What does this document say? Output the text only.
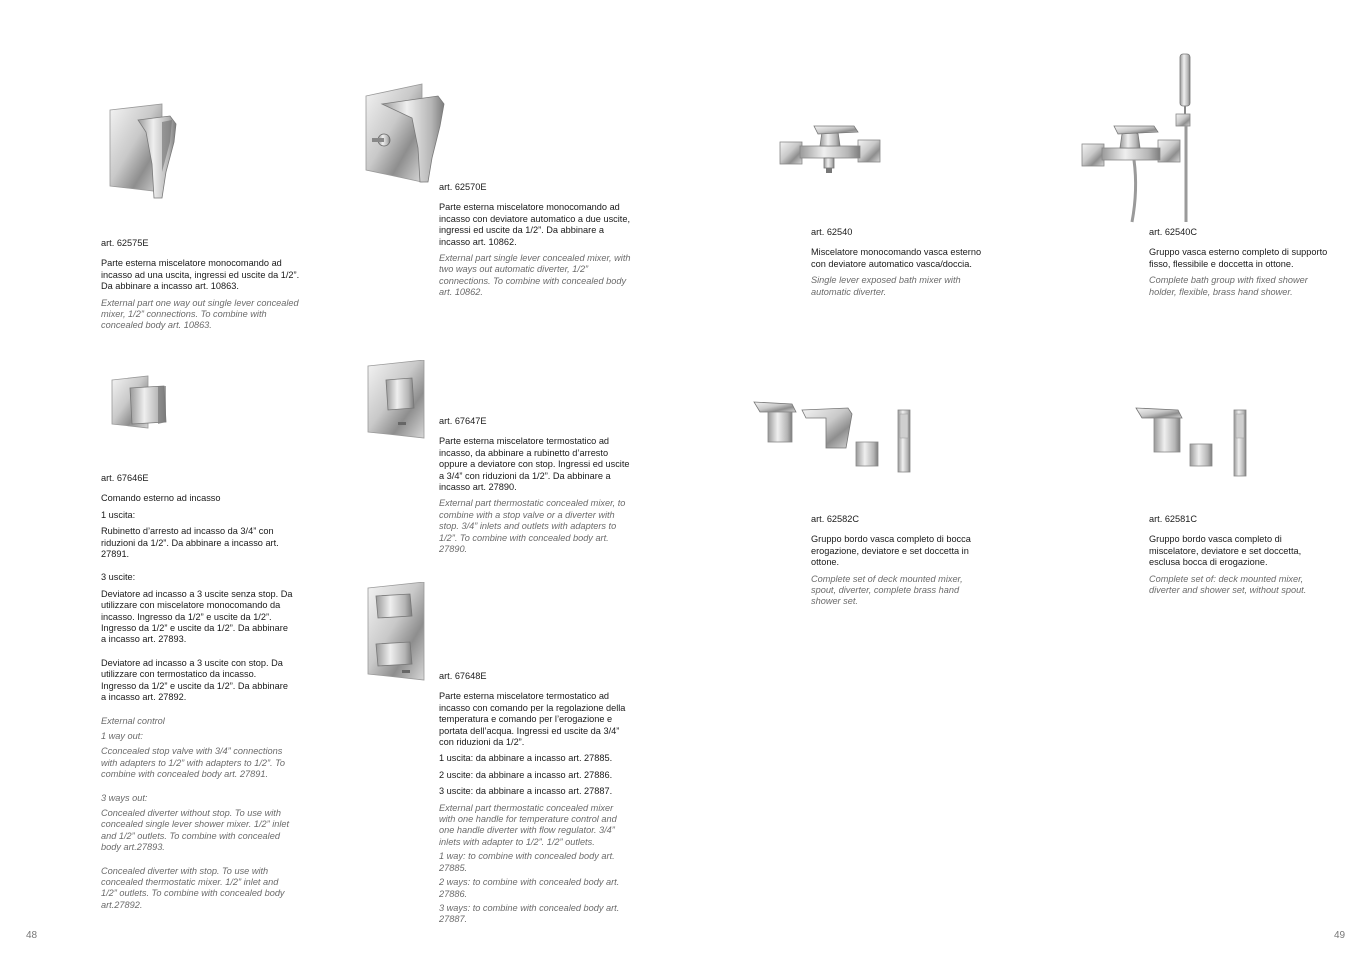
art. 62575E

Parte esterna miscelatore monocomando ad incasso ad una uscita, ingressi ed uscite da 1/2”. Da abbinare a incasso art. 10863.

External part one way out single lever concealed mixer, 1/2” connections. To combine with concealed body art. 10863.

art. 62570E

Parte esterna miscelatore monocomando ad incasso con deviatore automatico a due uscite, ingressi ed uscite da 1/2”. Da abbinare a incasso art. 10862.

External part single lever concealed mixer, with two ways out automatic diverter, 1/2” connections. To combine with concealed body art. 10862.

art. 62540

Miscelatore monocomando vasca esterno con deviatore automatico vasca/doccia.

Single lever exposed bath mixer with automatic diverter.

art. 62540C

Gruppo vasca esterno completo di supporto fisso, flessibile e doccetta in ottone.

Complete bath group with fixed shower holder, flexible, brass hand shower.

art. 67646E

Comando esterno ad incasso

1 uscita:

Rubinetto d’arresto ad incasso da 3/4” con riduzioni da 1/2”. Da abbinare a incasso art. 27891.

3 uscite:

Deviatore ad incasso a 3 uscite senza stop. Da utilizzare con miscelatore monocomando da incasso. Ingresso da 1/2” e uscite da 1/2”. Ingresso da 1/2” e uscite da 1/2”. Da abbinare a incasso art. 27893.

Deviatore ad incasso a 3 uscite con stop. Da utilizzare con termostatico da incasso. Ingresso da 1/2” e uscite da 1/2”. Da abbinare a incasso art. 27892.

External control

1 way out:

Cconcealed stop valve with 3/4” connections with adapters to 1/2” with adapters to 1/2”. To combine with concealed body art. 27891.

3 ways out:

Concealed diverter without stop. To use with concealed single lever shower mixer. 1/2” inlet and 1/2” outlets. To combine with concealed body art.27893.

Concealed diverter with stop. To use with concealed thermostatic mixer. 1/2” inlet and 1/2” outlets. To combine with concealed body art.27892.

art. 67647E

Parte esterna miscelatore termostatico ad incasso, da abbinare a rubinetto d’arresto oppure a deviatore con stop. Ingressi ed uscite a 3/4” con riduzioni da 1/2”. Da abbinare a incasso art. 27890.

External part thermostatic concealed mixer, to combine with a stop valve or a diverter with stop. 3/4” inlets and outlets with adapters to 1/2”. To combine with concealed body art. 27890.

art. 67648E

Parte esterna miscelatore termostatico ad incasso con comando per la regolazione della temperatura e comando per l’erogazione e portata dell’acqua. Ingressi ed uscite da 3/4” con riduzioni da 1/2”.

1 uscita: da abbinare a incasso art. 27885.

2 uscite: da abbinare a incasso art. 27886.

3 uscite: da abbinare a incasso art. 27887.

External part thermostatic concealed mixer with one handle for temperature control and one handle diverter with flow regulator. 3/4” inlets with adapter to 1/2”. 1/2” outlets.

1 way: to combine with concealed body art. 27885.

2 ways: to combine with concealed body art. 27886.

3 ways: to combine with concealed body art. 27887.

art. 62582C

Gruppo bordo vasca completo di bocca erogazione, deviatore e set doccetta in ottone.

Complete set of deck mounted mixer, spout, diverter, complete brass hand shower set.

art. 62581C

Gruppo bordo vasca completo di miscelatore, deviatore e set doccetta, esclusa bocca di erogazione.

Complete set of: deck mounted mixer, diverter and shower set, without spout.

48	49
